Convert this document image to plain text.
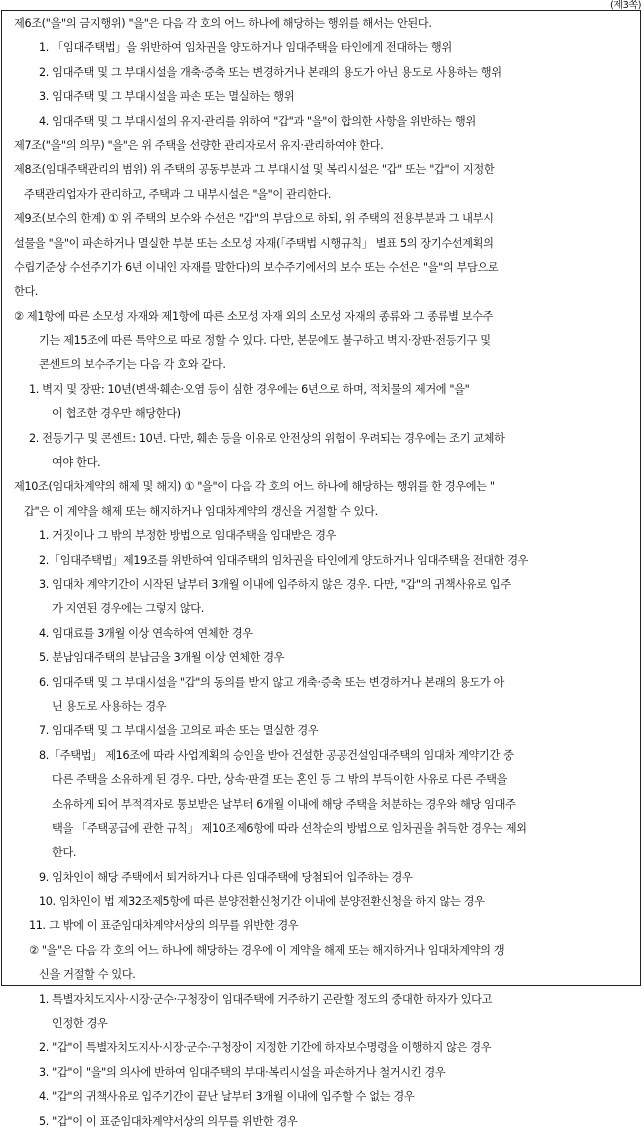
(제3쪽)
제6조("을"의 금지행위) "을"은 다음 각 호의 어느 하나에 해당하는 행위를 해서는 안된다.
1. 「임대주택법」을 위반하여 임차권을 양도하거나 임대주택을 타인에게 전대하는 행위
2. 임대주택 및 그 부대시설을 개축·증축 또는 변경하거나 본래의 용도가 아닌 용도로 사용하는 행위
3. 임대주택 및 그 부대시설을 파손 또는 멸실하는 행위
4. 임대주택 및 그 부대시설의 유지·관리를 위하여 "갑"과 "을"이 합의한 사항을 위반하는 행위
제7조("을"의 의무) "을"은 위 주택을 선량한 관리자로서 유지·관리하여야 한다.
제8조(임대주택관리의 범위) 위 주택의 공동부분과 그 부대시설 및 복리시설은 "갑" 또는 "갑"이 지정한
주택관리업자가 관리하고, 주택과 그 내부시설은 "을"이 관리한다.
제9조(보수의 한계) ① 위 주택의 보수와 수선은 "갑"의 부담으로 하되, 위 주택의 전용부분과 그 내부시
설물을 "을"이 파손하거나 멸실한 부분 또는 소모성 자재(「주택법 시행규칙」 별표 5의 장기수선계획의
수립기준상 수선주기가 6년 이내인 자재를 말한다)의 보수주기에서의 보수 또는 수선은 "을"의 부담으로
한다.
② 제1항에 따른 소모성 자재와 제1항에 따른 소모성 자재 외의 소모성 자재의 종류와 그 종류별 보수주
기는 제15조에 따른 특약으로 따로 정할 수 있다. 다만, 본문에도 불구하고 벽지·장판·전등기구 및
콘센트의 보수주기는 다음 각 호와 같다.
1. 벽지 및 장판: 10년(변색·훼손·오염 등이 심한 경우에는 6년으로 하며, 적치물의 제거에 "을"
이 협조한 경우만 해당한다)
2. 전등기구 및 콘센트: 10년. 다만, 훼손 등을 이유로 안전상의 위험이 우려되는 경우에는 조기 교체하
여야 한다.
제10조(임대차계약의 해제 및 해지) ① "을"이 다음 각 호의 어느 하나에 해당하는 행위를 한 경우에는 "
갑"은 이 계약을 해제 또는 해지하거나 임대차계약의 갱신을 거절할 수 있다.
1. 거짓이나 그 밖의 부정한 방법으로 임대주택을 임대받은 경우
2.「임대주택법」제19조를 위반하여 임대주택의 임차권을 타인에게 양도하거나 임대주택을 전대한 경우
3. 임대차 계약기간이 시작된 날부터 3개월 이내에 입주하지 않은 경우. 다만, "갑"의 귀책사유로 입주
가 지연된 경우에는 그렇지 않다.
4. 임대료를 3개월 이상 연속하여 연체한 경우
5. 분납임대주택의 분납금을 3개월 이상 연체한 경우
6. 임대주택 및 그 부대시설을 "갑"의 동의를 받지 않고 개축·증축 또는 변경하거나 본래의 용도가 아
닌 용도로 사용하는 경우
7. 임대주택 및 그 부대시설을 고의로 파손 또는 멸실한 경우
8.「주택법」 제16조에 따라 사업계획의 승인을 받아 건설한 공공건설임대주택의 임대차 계약기간 중
다른 주택을 소유하게 된 경우. 다만, 상속·판결 또는 혼인 등 그 밖의 부득이한 사유로 다른 주택을
소유하게 되어 부적격자로 통보받은 날부터 6개월 이내에 해당 주택을 처분하는 경우와 해당 임대주
택을 「주택공급에 관한 규칙」 제10조제6항에 따라 선착순의 방법으로 임차권을 취득한 경우는 제외
한다.
9. 임차인이 해당 주택에서 퇴거하거나 다른 임대주택에 당첨되어 입주하는 경우
10. 임차인이 법 제32조제5항에 따른 분양전환신청기간 이내에 분양전환신청을 하지 않는 경우
11. 그 밖에 이 표준임대차계약서상의 의무를 위반한 경우
② "을"은 다음 각 호의 어느 하나에 해당하는 경우에 이 계약을 해제 또는 해지하거나 임대차계약의 갱
신을 거절할 수 있다.
1. 특별자치도지사·시장·군수·구청장이 임대주택에 거주하기 곤란할 정도의 중대한 하자가 있다고
인정한 경우
2. "갑"이 특별자치도지사·시장·군수·구청장이 지정한 기간에 하자보수명령을 이행하지 않은 경우
3. "갑"이 "을"의 의사에 반하여 임대주택의 부대·복리시설을 파손하거나 철거시킨 경우
4. "갑"의 귀책사유로 입주기간이 끝난 날부터 3개월 이내에 입주할 수 없는 경우
5. "갑"이 이 표준임대차계약서상의 의무를 위반한 경우
